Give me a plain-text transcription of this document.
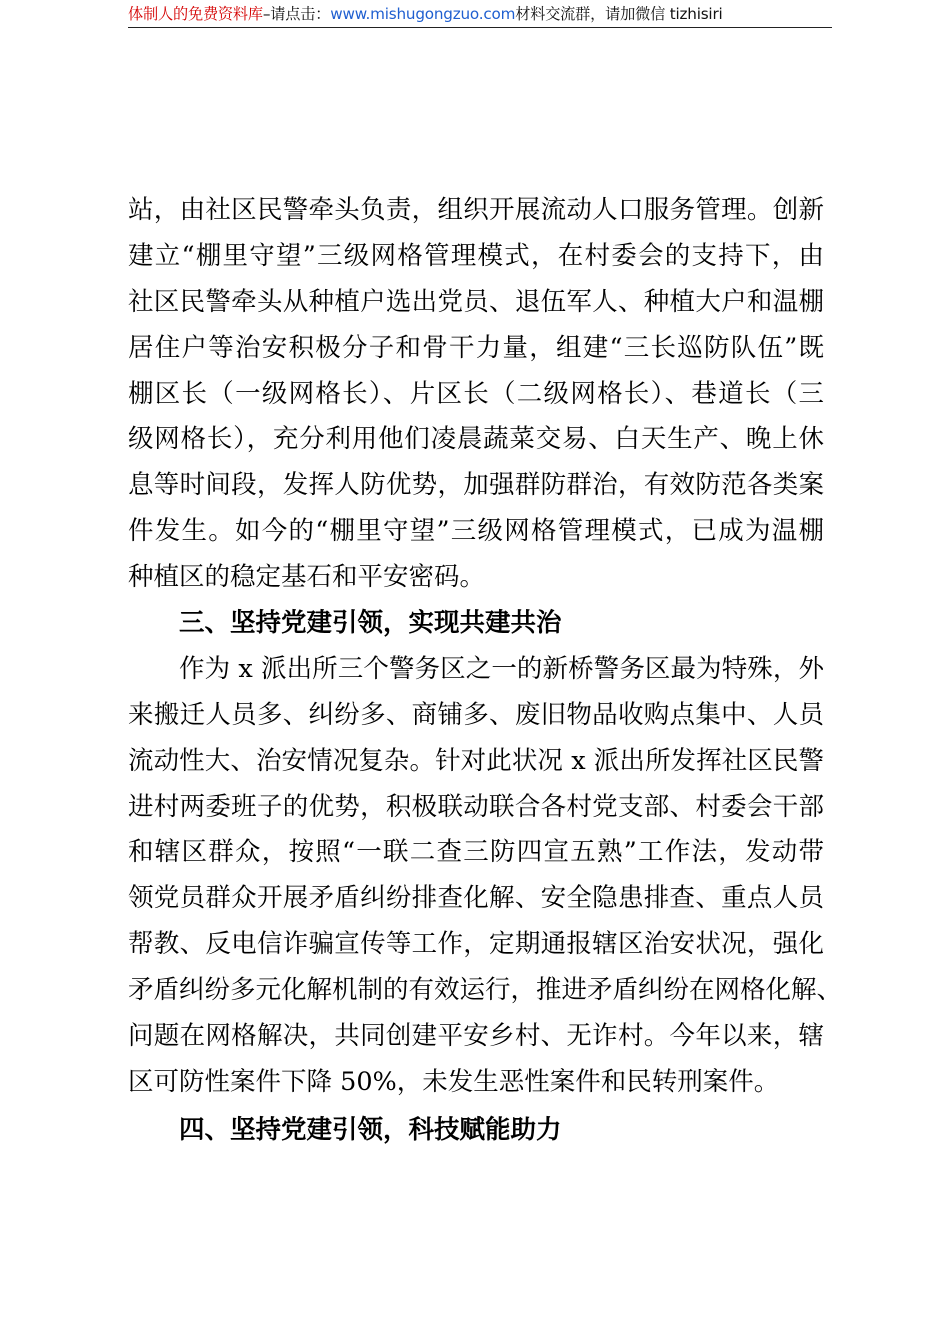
体制人的免费资料库–请点击：www.mishugongzuo.com材料交流群，请加微信 tizhisiri
站，由社区民警牵头负责，组织开展流动人口服务管理。创新
建立“棚里守望”三级网格管理模式，在村委会的支持下，由
社区民警牵头从种植户选出党员、退伍军人、种植大户和温棚
居住户等治安积极分子和骨干力量，组建“三长巡防队伍”既
棚区长（一级网格长）、片区长（二级网格长）、巷道长（三
级网格长），充分利用他们凌晨蔬菜交易、白天生产、晚上休
息等时间段，发挥人防优势，加强群防群治，有效防范各类案
件发生。如今的“棚里守望”三级网格管理模式，已成为温棚
种植区的稳定基石和平安密码。
三、坚持党建引领，实现共建共治
作为 x 派出所三个警务区之一的新桥警务区最为特殊，外
来搬迁人员多、纠纷多、商铺多、废旧物品收购点集中、人员
流动性大、治安情况复杂。针对此状况 x 派出所发挥社区民警
进村两委班子的优势，积极联动联合各村党支部、村委会干部
和辖区群众，按照“一联二查三防四宣五熟”工作法，发动带
领党员群众开展矛盾纠纷排查化解、安全隐患排查、重点人员
帮教、反电信诈骗宣传等工作，定期通报辖区治安状况，强化
矛盾纠纷多元化解机制的有效运行，推进矛盾纠纷在网格化解、
问题在网格解决，共同创建平安乡村、无诈村。今年以来，辖
区可防性案件下降 50%，未发生恶性案件和民转刑案件。
四、坚持党建引领，科技赋能助力
